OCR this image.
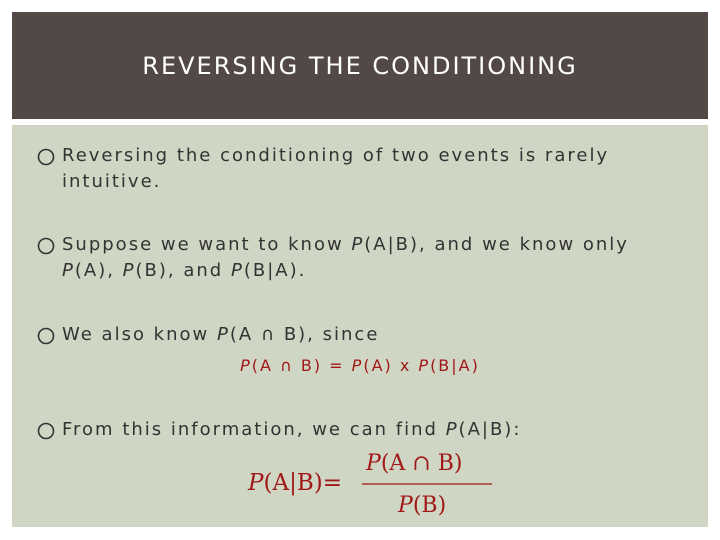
REVERSING THE CONDITIONING
Reversing the conditioning of two events is rarely
intuitive.
Suppose we want to know P(A|B), and we know only
P(A), P(B), and P(B|A).
We also know P(A ∩ B), since
P(A ∩ B) = P(A) x P(B|A)
From this information, we can find P(A|B):
P(A|B)=
P(A ∩ B)
P(B)
